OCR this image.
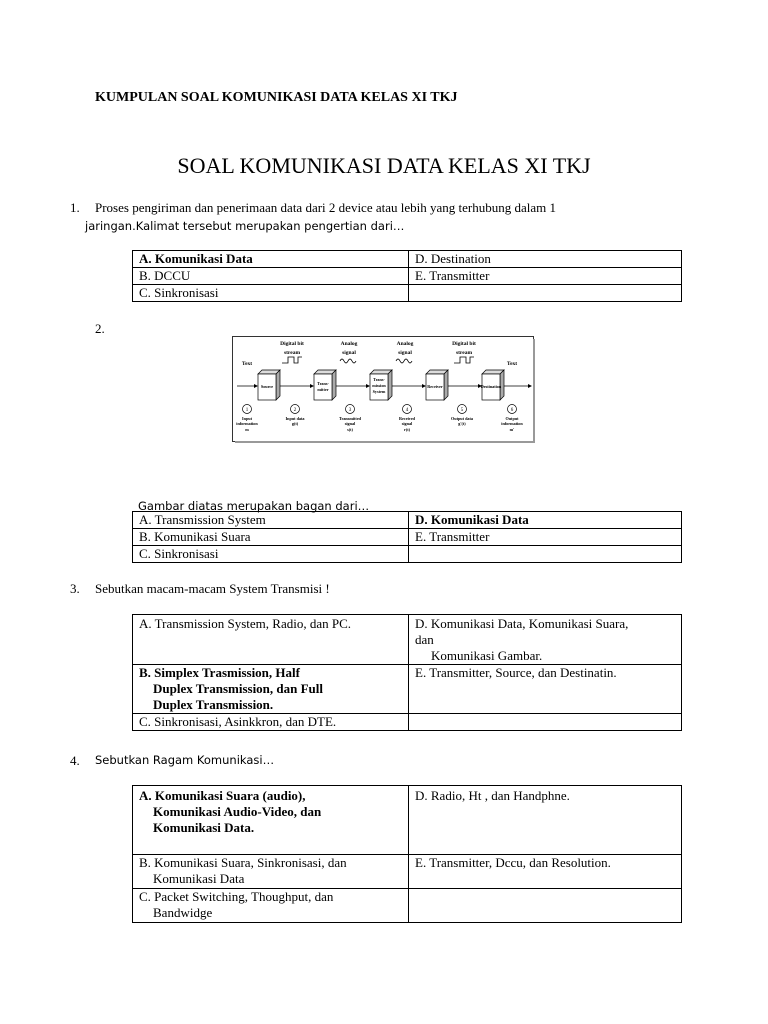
KUMPULAN SOAL KOMUNIKASI DATA KELAS XI TKJ
SOAL KOMUNIKASI DATA KELAS XI TKJ
1. Proses pengiriman dan penerimaan data dari 2 device atau lebih yang terhubung dalam 1
jaringan.Kalimat tersebut merupakan pengertian dari…
A. Komunikasi Data	D. Destination
B. DCCU	E. Transmitter
C. Sinkronisasi	
2.
Digital bit
stream
Analog
signal
Analog
signal
Digital bit
stream
Text	Text
Source
Trans-
mitter
Trans-
mission
System
Receiver	Destination
1	2	3	4	5	6
Input
information
m
Input data
g(t)
Transmitted
signal
s(t)
Received
signal
r(t)
Output data
g'(t)
Output
information
m'
Gambar diatas merupakan bagan dari…
A. Transmission System	D. Komunikasi Data
B. Komunikasi Suara	E. Transmitter
C. Sinkronisasi	
3. Sebutkan macam-macam System Transmisi !
A. Transmission System, Radio, dan PC.	D. Komunikasi Data, Komunikasi Suara,
dan
Komunikasi Gambar.

B. Simplex Trasmission, Half
Duplex Transmission, dan Full
Duplex Transmission.	E. Transmitter, Source, dan Destinatin.
C. Sinkronisasi, Asinkkron, dan DTE.	
4. Sebutkan Ragam Komunikasi…
A. Komunikasi Suara (audio),
Komunikasi Audio-Video, dan
Komunikasi Data.	D. Radio, Ht , dan Handphne.

B. Komunikasi Suara, Sinkronisasi, dan
Komunikasi Data	E. Transmitter, Dccu, dan Resolution.

C. Packet Switching, Thoughput, dan
Bandwidge	
